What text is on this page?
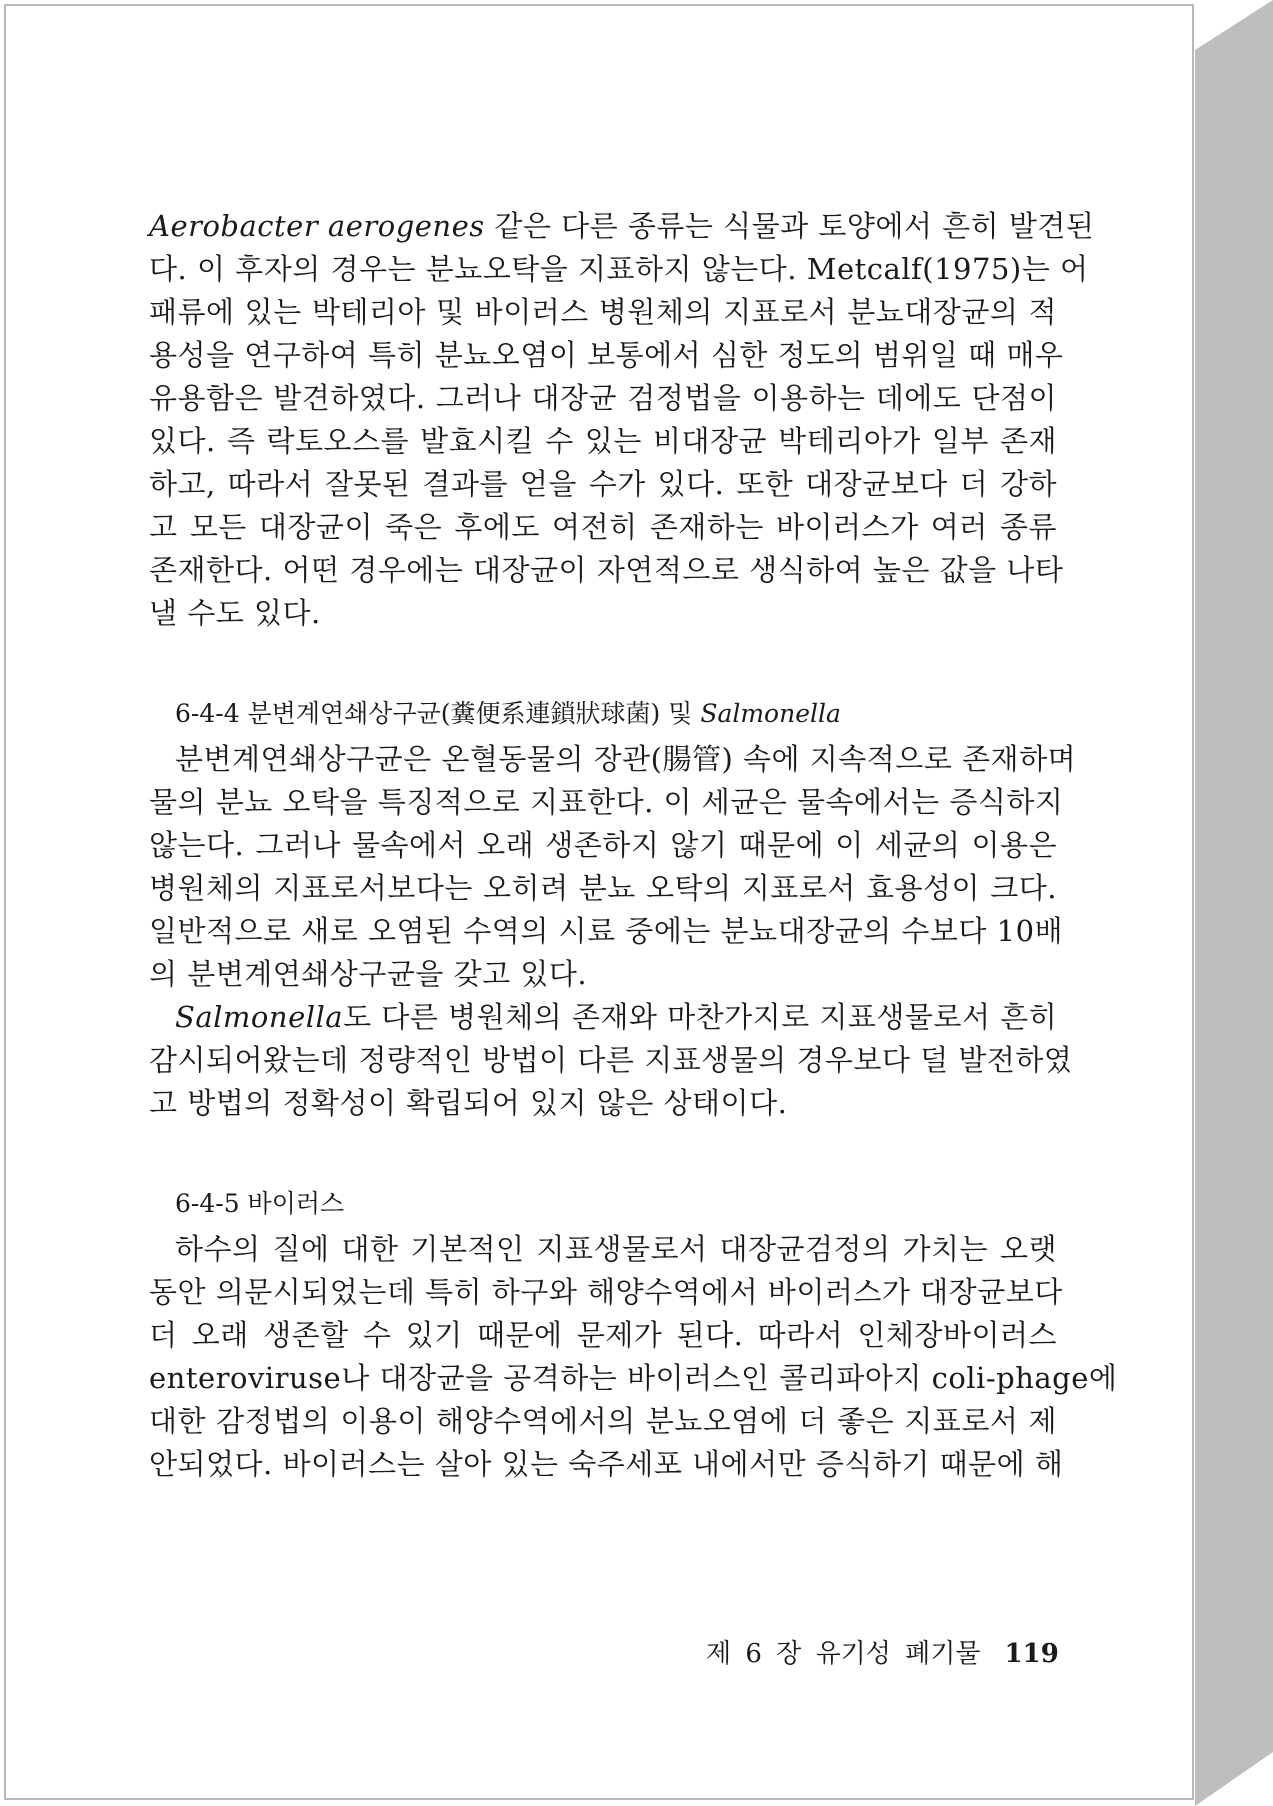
Aerobacter aerogenes 같은 다른 종류는 식물과 토양에서 흔히 발견된
다. 이 후자의 경우는 분뇨오탁을 지표하지 않는다. Metcalf(1975)는 어
패류에 있는 박테리아 및 바이러스 병원체의 지표로서 분뇨대장균의 적
용성을 연구하여 특히 분뇨오염이 보통에서 심한 정도의 범위일 때 매우
유용함은 발견하였다. 그러나 대장균 검정법을 이용하는 데에도 단점이
있다. 즉 락토오스를 발효시킬 수 있는 비대장균 박테리아가 일부 존재
하고, 따라서 잘못된 결과를 얻을 수가 있다. 또한 대장균보다 더 강하
고 모든 대장균이 죽은 후에도 여전히 존재하는 바이러스가 여러 종류
존재한다. 어떤 경우에는 대장균이 자연적으로 생식하여 높은 값을 나타
낼 수도 있다.
6-4-4 분변계연쇄상구균(糞便系連鎖狀球菌) 및 Salmonella
분변계연쇄상구균은 온혈동물의 장관(腸管) 속에 지속적으로 존재하며
물의 분뇨 오탁을 특징적으로 지표한다. 이 세균은 물속에서는 증식하지
않는다. 그러나 물속에서 오래 생존하지 않기 때문에 이 세균의 이용은
병원체의 지표로서보다는 오히려 분뇨 오탁의 지표로서 효용성이 크다.
일반적으로 새로 오염된 수역의 시료 중에는 분뇨대장균의 수보다 10배
의 분변계연쇄상구균을 갖고 있다.
Salmonella도 다른 병원체의 존재와 마찬가지로 지표생물로서 흔히
감시되어왔는데 정량적인 방법이 다른 지표생물의 경우보다 덜 발전하였
고 방법의 정확성이 확립되어 있지 않은 상태이다.
6-4-5 바이러스
하수의 질에 대한 기본적인 지표생물로서 대장균검정의 가치는 오랫
동안 의문시되었는데 특히 하구와 해양수역에서 바이러스가 대장균보다
더 오래 생존할 수 있기 때문에 문제가 된다. 따라서 인체장바이러스
enteroviruse나 대장균을 공격하는 바이러스인 콜리파아지 coli-phage에
대한 감정법의 이용이 해양수역에서의 분뇨오염에 더 좋은 지표로서 제
안되었다. 바이러스는 살아 있는 숙주세포 내에서만 증식하기 때문에 해
제 6 장 유기성 폐기물 119
